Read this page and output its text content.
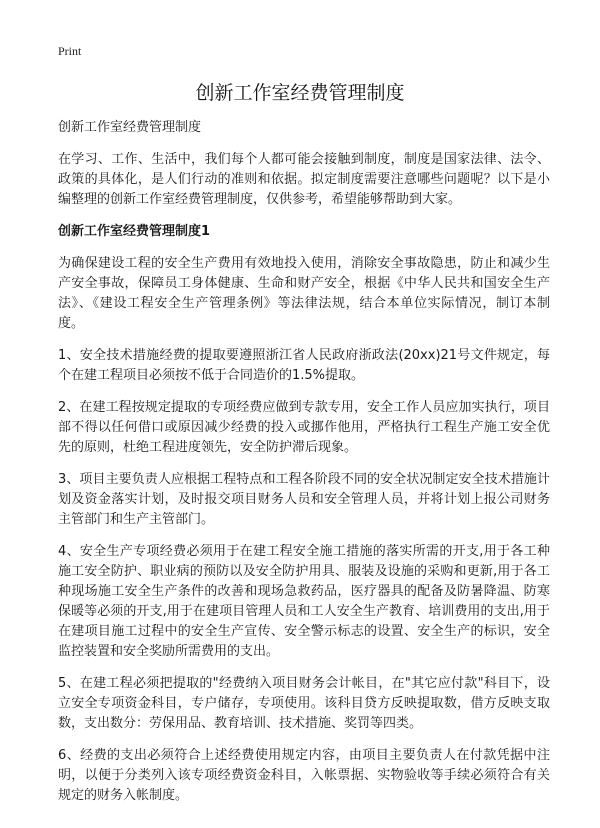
Print
创新工作室经费管理制度

创新工作室经费管理制度

在学习、工作、生活中，我们每个人都可能会接触到制度，制度是国家法律、法令、政策的具体化，是人们行动的准则和依据。拟定制度需要注意哪些问题呢？以下是小编整理的创新工作室经费管理制度，仅供参考，希望能够帮助到大家。

创新工作室经费管理制度1

为确保建设工程的安全生产费用有效地投入使用，消除安全事故隐患，防止和减少生产安全事故，保障员工身体健康、生命和财产安全，根据《中华人民共和国安全生产法》、《建设工程安全生产管理条例》等法律法规，结合本单位实际情况，制订本制度。

1、安全技术措施经费的提取要遵照浙江省人民政府浙政法(20xx)21号文件规定，每个在建工程项目必须按不低于合同造价的1.5%提取。

2、在建工程按规定提取的专项经费应做到专款专用，安全工作人员应加实执行，项目部不得以任何借口或原因减少经费的投入或挪作他用，严格执行工程生产施工安全优先的原则，杜绝工程进度领先，安全防护滞后现象。

3、项目主要负责人应根据工程特点和工程各阶段不同的安全状况制定安全技术措施计划及资金落实计划，及时报交项目财务人员和安全管理人员，并将计划上报公司财务主管部门和生产主管部门。

4、安全生产专项经费必须用于在建工程安全施工措施的落实所需的开支,用于各工种施工安全防护、职业病的预防以及安全防护用具、服装及设施的采购和更新,用于各工种现场施工安全生产条件的改善和现场急救药品，医疗器具的配备及防暑降温、防寒保暖等必须的开支,用于在建项目管理人员和工人安全生产教育、培训费用的支出,用于在建项目施工过程中的安全生产宣传、安全警示标志的设置、安全生产的标识，安全监控装置和安全奖励所需费用的支出。

5、在建工程必须把提取的"经费纳入项目财务会计帐目，在"其它应付款"科目下，设立安全专项资金科目，专户储存，专项使用。该科目贷方反映提取数，借方反映支取数，支出数分：劳保用品、教育培训、技术措施、奖罚等四类。

6、经费的支出必须符合上述经费使用规定内容，由项目主要负责人在付款凭据中注明，以便于分类列入该专项经费资金科目，入帐票据、实物验收等手续必须符合有关规定的财务入帐制度。
